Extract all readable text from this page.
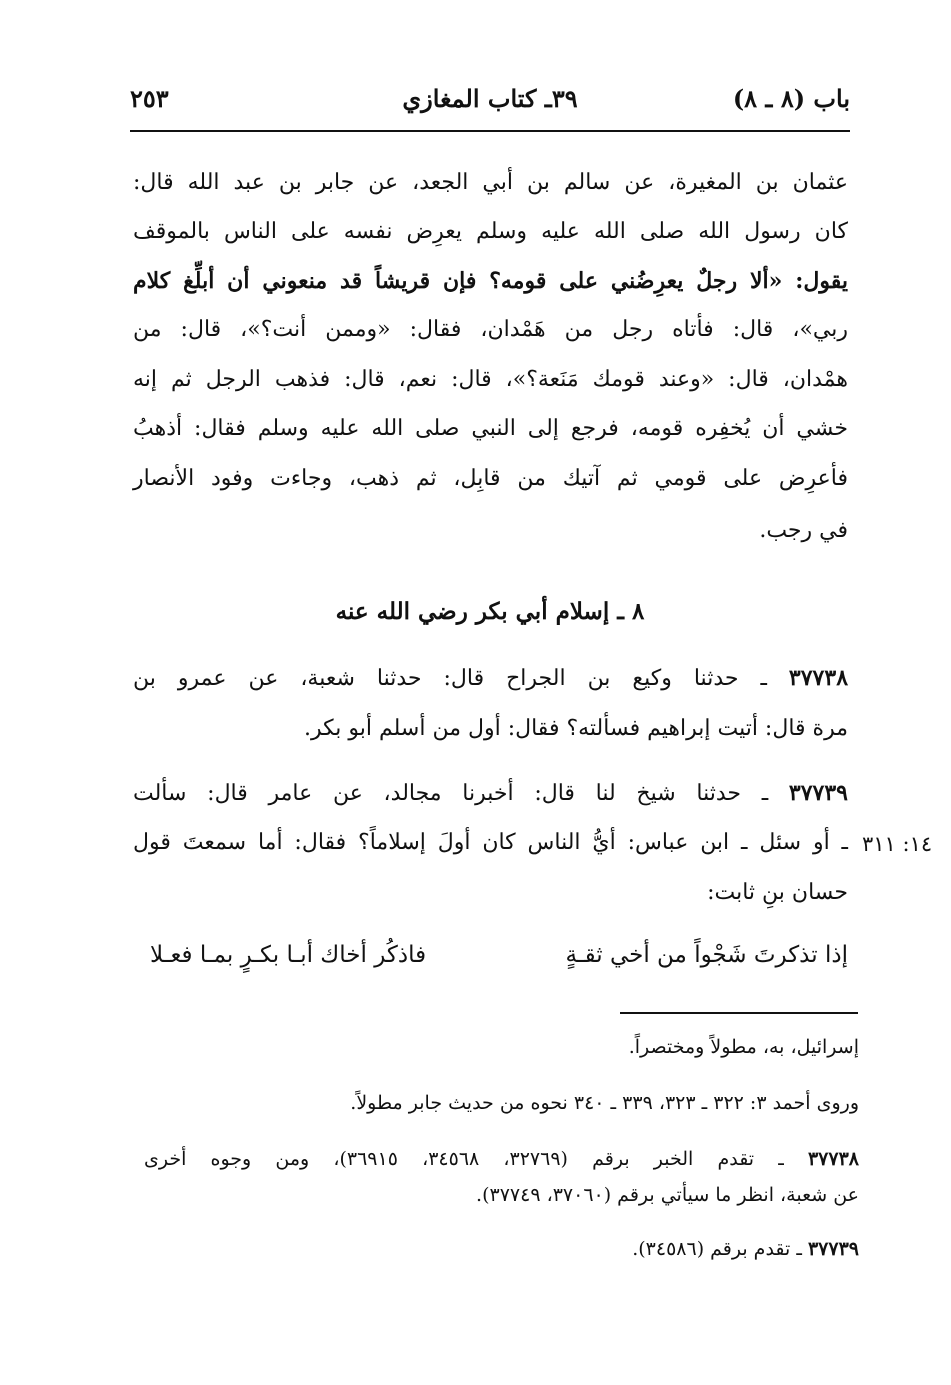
باب (٨ ـ ٨)
٣٩ـ كتاب المغازي
٢٥٣
عثمان بن المغيرة، عن سالم بن أبي الجعد، عن جابر بن عبد الله قال:
كان رسول الله صلى الله عليه وسلم يعرِض نفسه على الناس بالموقف
يقول: «ألا رجلٌ يعرِضُني على قومه؟ فإن قريشاً قد منعوني أن أبلِّغ كلام
ربي»، قال: فأتاه رجل من هَمْدان، فقال: «وممن أنت؟»، قال: من
همْدان، قال: «وعند قومك مَنَعة؟»، قال: نعم، قال: فذهب الرجل ثم إنه
خشي أن يُخفِره قومه، فرجع إلى النبي صلى الله عليه وسلم فقال: أذهبُ
فأعرِض على قومي ثم آتيك من قابِل، ثم ذهب، وجاءت وفود الأنصار
في رجب.
٨ ـ إسلام أبي بكر رضي الله عنه
٣٧٧٣٨ ـ حدثنا وكيع بن الجراح قال: حدثنا شعبة، عن عمرو بن
مرة قال: أتيت إبراهيم فسألته؟ فقال: أول من أسلم أبو بكر.
٣٧٧٣٩ ـ حدثنا شيخ لنا قال: أخبرنا مجالد، عن عامر قال: سألت
ـ أو سئل ـ ابن عباس: أيُّ الناس كان أولَ إسلاماً؟ فقال: أما سمعتَ قول ١٤: ٣١١
حسان بنِ ثابت:
إذا تذكرتَ شَجْواً من أخي ثقـةٍ
فاذكُر أخاك أبـا بكـرٍ بمـا فعـلا
إسرائيل، به، مطولاً ومختصراً.
وروى أحمد ٣: ٣٢٢ ـ ٣٢٣، ٣٣٩ ـ ٣٤٠ نحوه من حديث جابر مطولاً.
٣٧٧٣٨ ـ تقدم الخبر برقم (٣٢٧٦٩، ٣٤٥٦٨، ٣٦٩١٥)، ومن وجوه أخرى
عن شعبة، انظر ما سيأتي برقم (٣٧٠٦٠، ٣٧٧٤٩).
٣٧٧٣٩ ـ تقدم برقم (٣٤٥٨٦).
